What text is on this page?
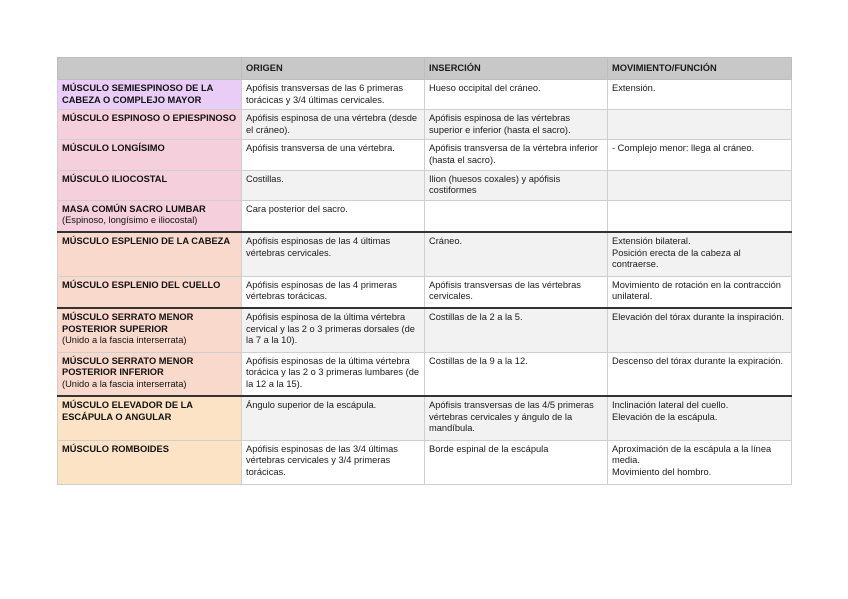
	ORIGEN	INSERCIÓN	MOVIMIENTO/FUNCIÓN
MÚSCULO SEMIESPINOSO DE LA CABEZA O COMPLEJO MAYOR	Apófisis transversas de las 6 primeras torácicas y 3/4 últimas cervicales.	Hueso occipital del cráneo.	Extensión.

MÚSCULO ESPINOSO O EPIESPINOSO	Apófisis espinosa de una vértebra (desde el cráneo).	Apófisis espinosa de las vértebras superior e inferior (hasta el sacro).	

MÚSCULO LONGÍSIMO	Apófisis transversa de una vértebra.	Apófisis transversa de la vértebra inferior (hasta el sacro).	- Complejo menor: llega al cráneo.

MÚSCULO ILIOCOSTAL	Costillas.	Ilion (huesos coxales) y apófisis costiformes	

MASA COMÚN SACRO LUMBAR
(Espinoso, longísimo e iliocostal)	Cara posterior del sacro.		

MÚSCULO ESPLENIO DE LA CABEZA	Apófisis espinosas de las 4 últimas vértebras cervicales.	Cráneo.	Extensión bilateral.
Posición erecta de la cabeza al contraerse.

MÚSCULO ESPLENIO DEL CUELLO	Apófisis espinosas de las 4 primeras vértebras torácicas.	Apófisis transversas de las vértebras cervicales.	Movimiento de rotación en la contracción unilateral.

MÚSCULO SERRATO MENOR POSTERIOR SUPERIOR
(Unido a la fascia interserrata)	Apófisis espinosa de la última vértebra cervical y las 2 o 3 primeras dorsales (de la 7 a la 10).	Costillas de la 2 a la 5.	Elevación del tórax durante la inspiración.

MÚSCULO SERRATO MENOR POSTERIOR INFERIOR
(Unido a la fascia interserrata)	Apófisis espinosas de la última vértebra torácica y las 2 o 3 primeras lumbares (de la 12 a la 15).	Costillas de la 9 a la 12.	Descenso del tórax durante la expiración.

MÚSCULO ELEVADOR DE LA ESCÁPULA O ANGULAR	Ángulo superior de la escápula.	Apófisis transversas de las 4/5 primeras vértebras cervicales y ángulo de la mandíbula.	Inclinación lateral del cuello.
Elevación de la escápula.

MÚSCULO ROMBOIDES	Apófisis espinosas de las 3/4 últimas vértebras cervicales y 3/4 primeras torácicas.	Borde espinal de la escápula	Aproximación de la escápula a la línea media.
Movimiento del hombro.
